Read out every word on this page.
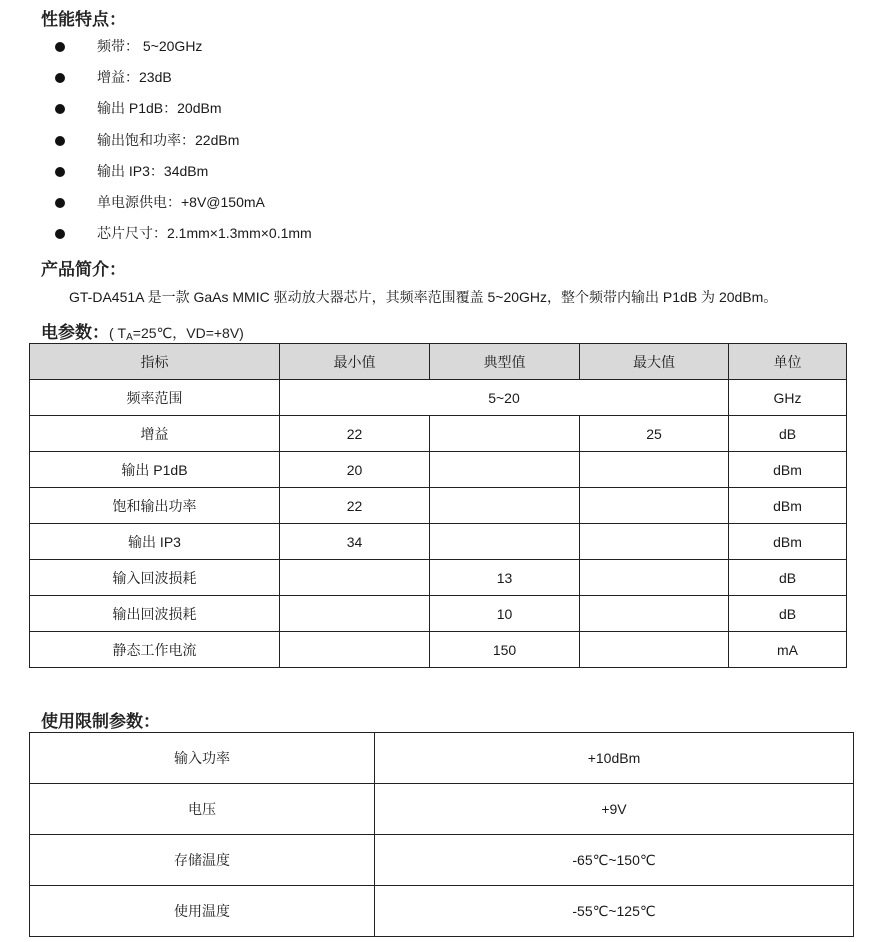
性能特点：
频带： 5~20GHz
增益：23dB
输出 P1dB：20dBm
输出饱和功率：22dBm
输出 IP3：34dBm
单电源供电：+8V@150mA
芯片尺寸：2.1mm×1.3mm×0.1mm
产品简介：
GT-DA451A 是一款 GaAs MMIC 驱动放大器芯片，其频率范围覆盖 5~20GHz，整个频带内输出 P1dB 为 20dBm。
电参数：( $T_A=25℃$，VD=+8V)
指标	最小值	典型值	最大值	单位
频率范围	5~20			GHz
增益	22		25	dB
输出 P1dB	20			dBm
饱和输出功率	22			dBm
输出 IP3	34			dBm
输入回波损耗		13		dB
输出回波损耗		10		dB
静态工作电流		150		mA
使用限制参数：
输入功率	+10dBm
电压	+9V
存储温度	-65℃~150℃
使用温度	-55℃~125℃
